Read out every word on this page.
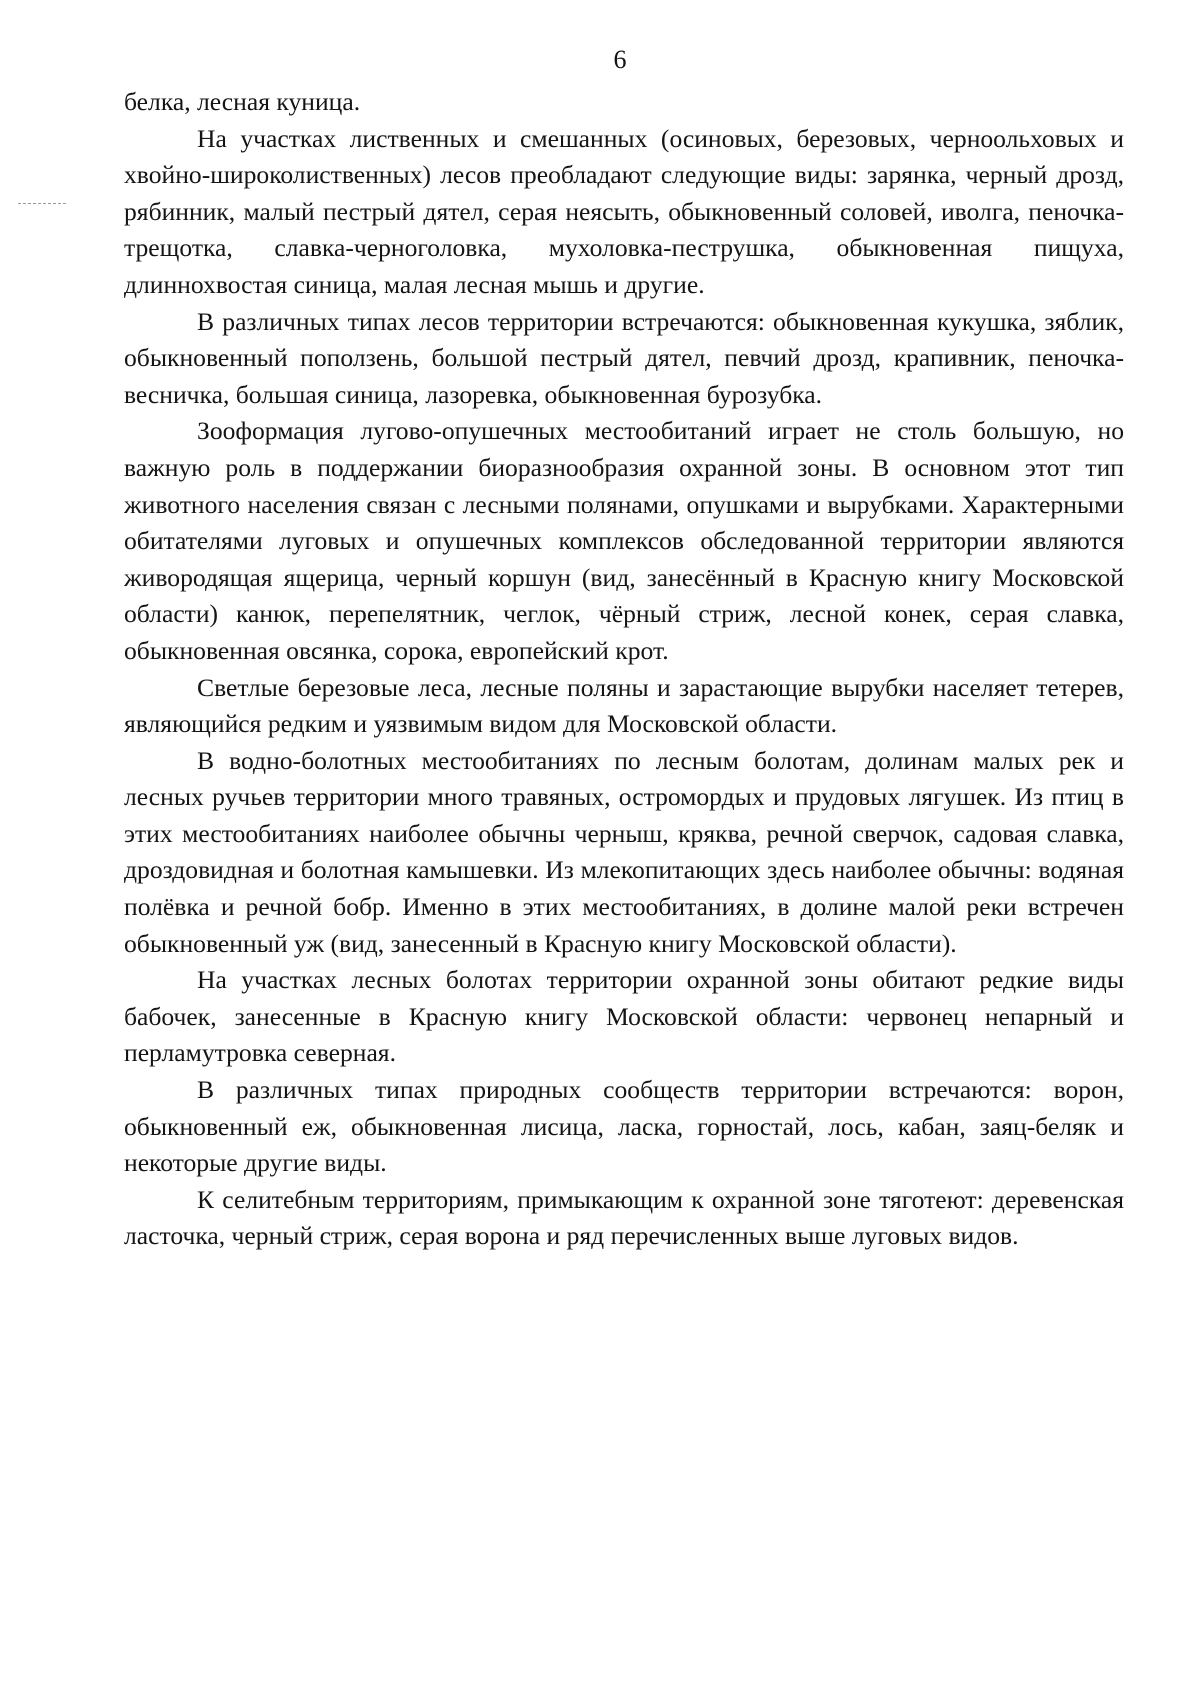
6

белка, лесная куница.

На участках лиственных и смешанных (осиновых, березовых, черноольховых и хвойно-широколиственных) лесов преобладают следующие виды: зарянка, черный дрозд, рябинник, малый пестрый дятел, серая неясыть, обыкновенный соловей, иволга, пеночка-трещотка, славка-черноголовка, мухоловка-пеструшка, обыкновенная пищуха, длиннохвостая синица, малая лесная мышь и другие.

В различных типах лесов территории встречаются: обыкновенная кукушка, зяблик, обыкновенный поползень, большой пестрый дятел, певчий дрозд, крапивник, пеночка-весничка, большая синица, лазоревка, обыкновенная бурозубка.

Зооформация лугово-опушечных местообитаний играет не столь большую, но важную роль в поддержании биоразнообразия охранной зоны. В основном этот тип животного населения связан с лесными полянами, опушками и вырубками. Характерными обитателями луговых и опушечных комплексов обследованной территории являются живородящая ящерица, черный коршун (вид, занесённый в Красную книгу Московской области) канюк, перепелятник, чеглок, чёрный стриж, лесной конек, серая славка, обыкновенная овсянка, сорока, европейский крот.

Светлые березовые леса, лесные поляны и зарастающие вырубки населяет тетерев, являющийся редким и уязвимым видом для Московской области.

В водно-болотных местообитаниях по лесным болотам, долинам малых рек и лесных ручьев территории много травяных, остромордых и прудовых лягушек. Из птиц в этих местообитаниях наиболее обычны черныш, кряква, речной сверчок, садовая славка, дроздовидная и болотная камышевки. Из млекопитающих здесь наиболее обычны: водяная полёвка и речной бобр. Именно в этих местообитаниях, в долине малой реки встречен обыкновенный уж (вид, занесенный в Красную книгу Московской области).

На участках лесных болотах территории охранной зоны обитают редкие виды бабочек, занесенные в Красную книгу Московской области: червонец непарный и перламутровка северная.

В различных типах природных сообществ территории встречаются: ворон, обыкновенный еж, обыкновенная лисица, ласка, горностай, лось, кабан, заяц-беляк и некоторые другие виды.

К селитебным территориям, примыкающим к охранной зоне тяготеют: деревенская ласточка, черный стриж, серая ворона и ряд перечисленных выше луговых видов.
